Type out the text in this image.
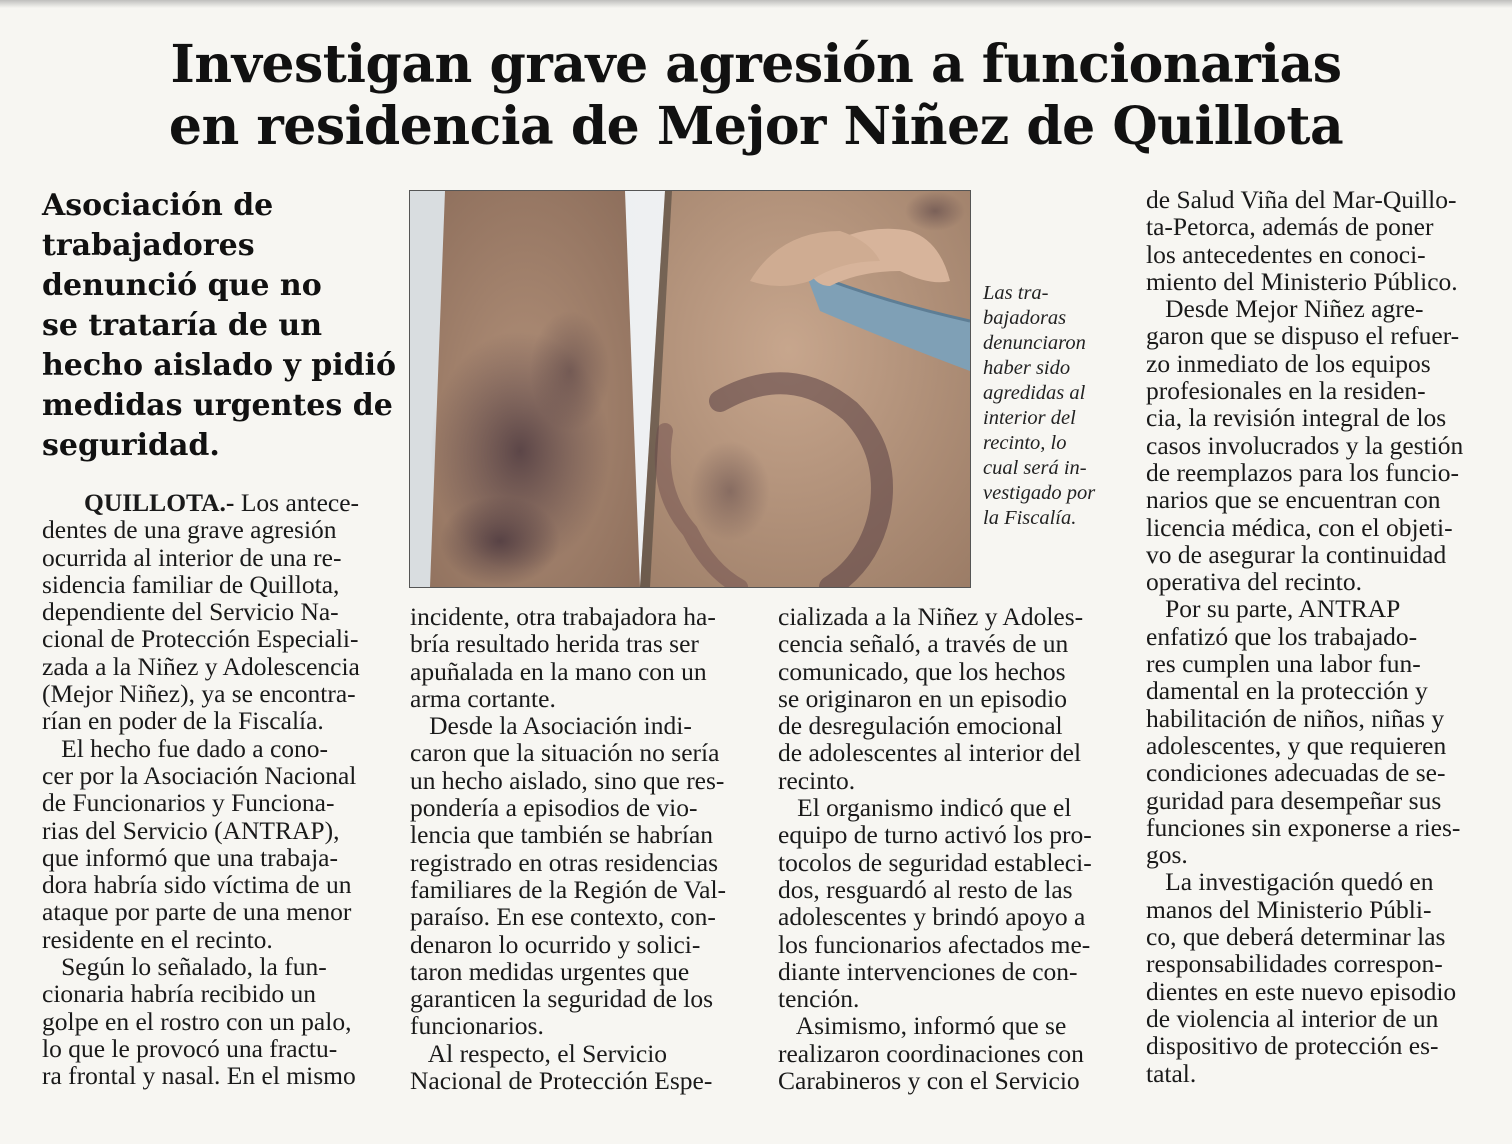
Investigan grave agresión a funcionarias
en residencia de Mejor Niñez de Quillota
Asociación de
trabajadores
denunció que no
se trataría de un
hecho aislado y pidió
medidas urgentes de
seguridad.
QUILLOTA.- Los antece-
dentes de una grave agresión
ocurrida al interior de una re-
sidencia familiar de Quillota,
dependiente del Servicio Na-
cional de Protección Especiali-
zada a la Niñez y Adolescencia
(Mejor Niñez), ya se encontra-
rían en poder de la Fiscalía.
El hecho fue dado a cono-
cer por la Asociación Nacional
de Funcionarios y Funciona-
rias del Servicio (ANTRAP),
que informó que una trabaja-
dora habría sido víctima de un
ataque por parte de una menor
residente en el recinto.
Según lo señalado, la fun-
cionaria habría recibido un
golpe en el rostro con un palo,
lo que le provocó una fractu-
ra frontal y nasal. En el mismo
Las tra-
bajadoras
denunciaron
haber sido
agredidas al
interior del
recinto, lo
cual será in-
vestigado por
la Fiscalía.
incidente, otra trabajadora ha-
bría resultado herida tras ser
apuñalada en la mano con un
arma cortante.
Desde la Asociación indi-
caron que la situación no sería
un hecho aislado, sino que res-
pondería a episodios de vio-
lencia que también se habrían
registrado en otras residencias
familiares de la Región de Val-
paraíso. En ese contexto, con-
denaron lo ocurrido y solici-
taron medidas urgentes que
garanticen la seguridad de los
funcionarios.
Al respecto, el Servicio
Nacional de Protección Espe-
cializada a la Niñez y Adoles-
cencia señaló, a través de un
comunicado, que los hechos
se originaron en un episodio
de desregulación emocional
de adolescentes al interior del
recinto.
El organismo indicó que el
equipo de turno activó los pro-
tocolos de seguridad estableci-
dos, resguardó al resto de las
adolescentes y brindó apoyo a
los funcionarios afectados me-
diante intervenciones de con-
tención.
Asimismo, informó que se
realizaron coordinaciones con
Carabineros y con el Servicio
de Salud Viña del Mar-Quillo-
ta-Petorca, además de poner
los antecedentes en conoci-
miento del Ministerio Público.
Desde Mejor Niñez agre-
garon que se dispuso el refuer-
zo inmediato de los equipos
profesionales en la residen-
cia, la revisión integral de los
casos involucrados y la gestión
de reemplazos para los funcio-
narios que se encuentran con
licencia médica, con el objeti-
vo de asegurar la continuidad
operativa del recinto.
Por su parte, ANTRAP
enfatizó que los trabajado-
res cumplen una labor fun-
damental en la protección y
habilitación de niños, niñas y
adolescentes, y que requieren
condiciones adecuadas de se-
guridad para desempeñar sus
funciones sin exponerse a ries-
gos.
La investigación quedó en
manos del Ministerio Públi-
co, que deberá determinar las
responsabilidades correspon-
dientes en este nuevo episodio
de violencia al interior de un
dispositivo de protección es-
tatal.
